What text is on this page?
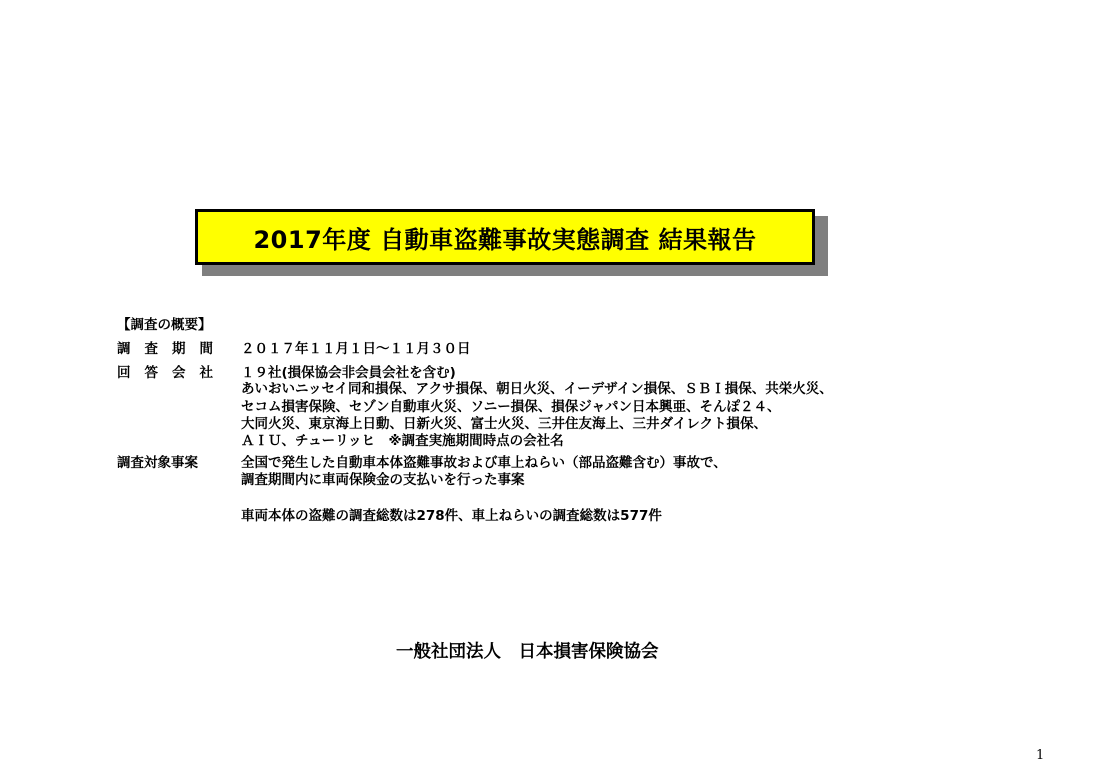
2017年度 自動車盗難事故実態調査 結果報告
【調査の概要】
調査期間 ２０１７年１１月１日～１１月３０日
回答会社 １９社(損保協会非会員会社を含む)
あいおいニッセイ同和損保、アクサ損保、朝日火災、イーデザイン損保、ＳＢＩ損保、共栄火災、
セコム損害保険、セゾン自動車火災、ソニー損保、損保ジャパン日本興亜、そんぽ２４、
大同火災、東京海上日動、日新火災、富士火災、三井住友海上、三井ダイレクト損保、
ＡＩＵ、チューリッヒ　※調査実施期間時点の会社名
調査対象事案	全国で発生した自動車本体盗難事故および車上ねらい（部品盗難含む）事故で、
調査期間内に車両保険金の支払いを行った事案
車両本体の盗難の調査総数は278件、車上ねらいの調査総数は577件
一般社団法人　日本損害保険協会
1
